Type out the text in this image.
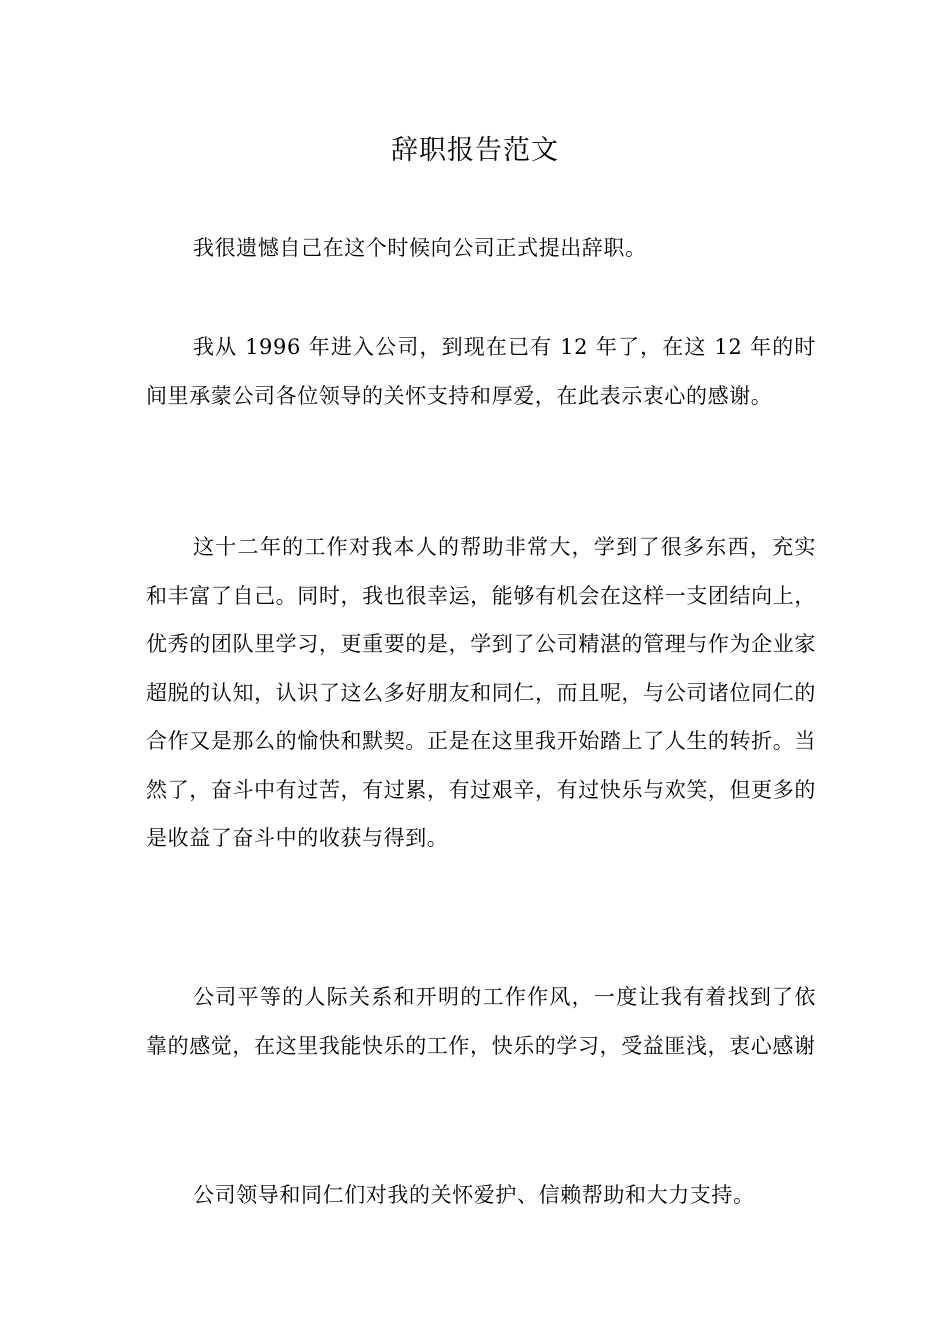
辞职报告范文

我很遗憾自己在这个时候向公司正式提出辞职。

我从 1996 年进入公司，到现在已有 12 年了，在这 12 年的时间里承蒙公司各位领导的关怀支持和厚爱，在此表示衷心的感谢。

这十二年的工作对我本人的帮助非常大，学到了很多东西，充实和丰富了自己。同时，我也很幸运，能够有机会在这样一支团结向上，优秀的团队里学习，更重要的是，学到了公司精湛的管理与作为企业家超脱的认知，认识了这么多好朋友和同仁，而且呢，与公司诸位同仁的合作又是那么的愉快和默契。正是在这里我开始踏上了人生的转折。当然了，奋斗中有过苦，有过累，有过艰辛，有过快乐与欢笑，但更多的是收益了奋斗中的收获与得到。

公司平等的人际关系和开明的工作作风，一度让我有着找到了依靠的感觉，在这里我能快乐的工作，快乐的学习，受益匪浅，衷心感谢

公司领导和同仁们对我的关怀爱护、信赖帮助和大力支持。
